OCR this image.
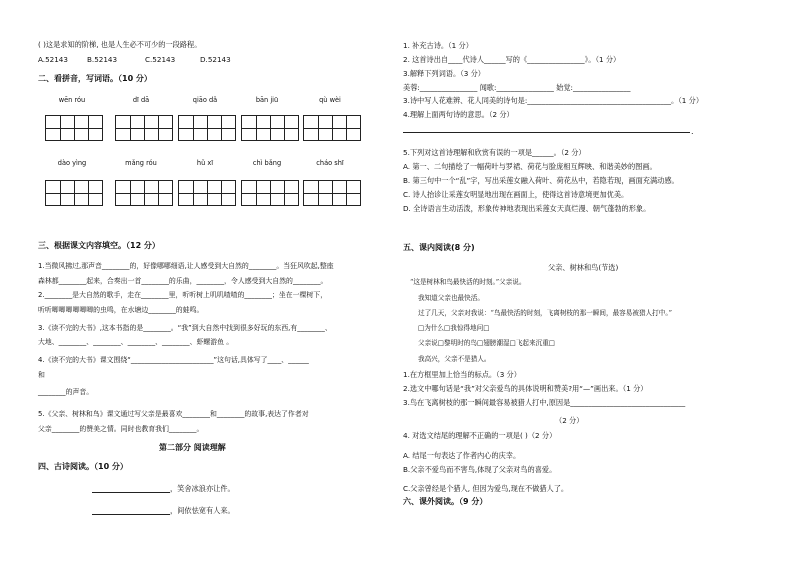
( )这是求知的阶梯, 也是人生必不可少的一段路程。
A.52143	B.52143	C.52143	D.52143
二、看拼音，写词语。（10 分）
wēn róu	dī dā	qiāo dǎ	bān jiū	qù wèi
dào yìng	mǎng róu	hǔ xī	chì bǎng	cháo shī
三、根据课文内容填空。（12 分）
1.当微风拂过,那声音________的，好像哪哪细语,让人感受到大自然的________。当狂风吹起,整座
森林都________起来，合奏出一首________的乐曲，________，令人感受到大自然的________。
2.________是大自然的歌手，走在________里，听听树上叽叽喳喳的________；坐在一棵树下，
听听唧唧唧唧唧唧的虫鸣，在水塘边________的蛙鸣。
3.《读不完的大书》,这本书指的是________。“我”到大自然中找到很多好玩的东西,有________、
大地、________、________、________、________、虾螺游鱼 。
4.《读不完的大书》课文围绕“________________________”这句话,具体写了____、______
和
________的声音。
5.《父亲、树林和鸟》课文通过写父亲是最喜欢________和________的故事,表达了作者对
父亲________的赞美之情。同时也教育我们________。
第二部分 阅读理解
四、古诗阅读。（10 分）
，笑舍冰浪亦让件。
，间依怯宽有人来。
1. 补充古诗。（1 分）
2. 这首诗出自____代诗人______写的《________________》。（1 分）
3.解释下列词语。（3 分）
美蓉:________________ 闻歌:________________ 始觉:________________
3.诗中写人花难辨、花人同美的诗句是:________________________________________。（1 分）
4.理解上面两句诗的意思。（2 分）
.
5.下列对这首诗理解和欣赏有误的一项是______。（2 分）
A. 第一、二句描绘了一幅荷叶与罗裙、荷花与脸庞相互辉映、和谐美妙的图画。
B. 第三句中一个“乱”字，写出采莲女融入荷叶、荷花丛中，若隐若现，画面充满动感。
C. 诗人抬诊让采莲女明显地出现在画面上，使得这首诗意境更加优美。
D. 全诗语言生动活泼，形象传神地表现出采莲女天真烂漫、朝气蓬勃的形象。
五、课内阅读(8 分)
父亲、树林和鸟(节选)
“这是树林和鸟最快活的时刻。”父亲说。
我知道父亲也最快活。
过了几天，父亲对我说：“鸟最快活的时刻，飞离树枝的那一瞬间，最容易被猎人打中。”
□为什么□我惊得地问□
父亲说□黎明时的鸟□翅膀潮湿□飞起来沉重□
我高兴，父亲不是猎人。
1.在方框里加上恰当的标点。（3 分）
2.选文中哪句话是“我”对父亲爱鸟的具体说明和赞美?用“—”画出来。（1 分）
3.鸟在飞离树枝的那一瞬间最容易被猎人打中,原因是________________________________
（2 分）
4. 对选文结尾的理解不正确的一项是( )（2 分）
A. 结尾一句表达了作者内心的庆幸。
B.父亲不爱鸟而不害鸟,体现了父亲对鸟的喜爱。
C.父亲曾经是个猎人, 但因为爱鸟,现在不做猎人了。
六、课外阅读。（9 分）
